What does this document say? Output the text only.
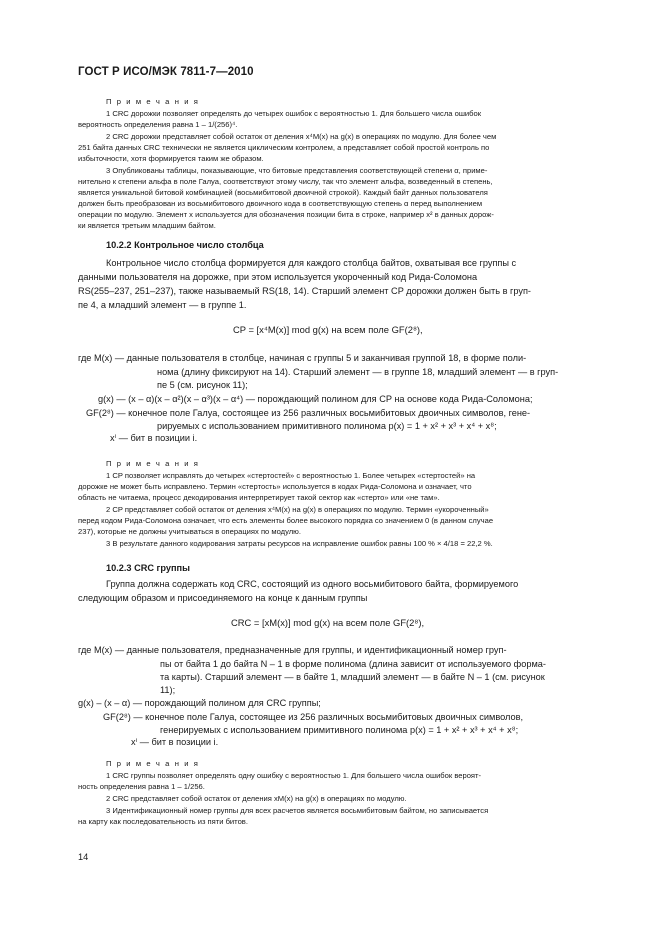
ГОСТ Р ИСО/МЭК 7811-7—2010
П р и м е ч а н и я
1 CRC дорожки позволяет определять до четырех ошибок с вероятностью 1. Для большего числа ошибок
вероятность определения равна 1 – 1/(256)⁴.
2 CRC дорожки представляет собой остаток от деления x⁴M(x) на g(x) в операциях по модулю. Для более чем
251 байта данных CRC технически не является циклическим контролем, а представляет собой простой контроль по
избыточности, хотя формируется таким же образом.
3 Опубликованы таблицы, показывающие, что битовые представления соответствующей степени α, приме-
нительно к степени альфа в поле Галуа, соответствуют этому числу, так что элемент альфа, возведенный в степень,
является уникальной битовой комбинацией (восьмибитовой двоичной строкой). Каждый байт данных пользователя
должен быть преобразован из восьмибитового двоичного кода в соответствующую степень α перед выполнением
операции по модулю. Элемент x используется для обозначения позиции бита в строке, например x² в данных дорож-
ки является третьим младшим байтом.
10.2.2 Контрольное число столбца
Контрольное число столбца формируется для каждого столбца байтов, охватывая все группы с
данными пользователя на дорожке, при этом используется укороченный код Рида-Соломона
RS(255–237, 251–237), также называемый RS(18, 14). Старший элемент CP дорожки должен быть в груп-
пе 4, а младший элемент — в группе 1.
CP = [x⁴M(x)] mod g(x) на всем поле GF(2⁸),
где M(x) — данные пользователя в столбце, начиная с группы 5 и заканчивая группой 18, в форме поли-
нома (длину фиксируют на 14). Старший элемент — в группе 18, младший элемент — в груп-
пе 5 (см. рисунок 11);
g(x) — (x – α)(x – α²)(x – α³)(x – α⁴) — порождающий полином для CP на основе кода Рида-Соломона;
GF(2⁸) — конечное поле Галуа, состоящее из 256 различных восьмибитовых двоичных символов, гене-
рируемых с использованием примитивного полинома p(x) = 1 + x² + x³ + x⁴ + x⁸;
xⁱ — бит в позиции i.
П р и м е ч а н и я
1 CP позволяет исправлять до четырех «стертостей» с вероятностью 1. Более четырех «стертостей» на
дорожке не может быть исправлено. Термин «стертость» используется в кодах Рида-Соломона и означает, что
область не читаема, процесс декодирования интерпретирует такой сектор как «стерто» или «не там».
2 CP представляет собой остаток от деления x⁴M(x) на g(x) в операциях по модулю. Термин «укороченный»
перед кодом Рида-Соломона означает, что есть элементы более высокого порядка со значением 0 (в данном случае
237), которые не должны учитываться в операциях по модулю.
3 В результате данного кодирования затраты ресурсов на исправление ошибок равны 100 % × 4/18 = 22,2 %.
10.2.3 CRC группы
Группа должна содержать код CRC, состоящий из одного восьмибитового байта, формируемого
следующим образом и присоединяемого на конце к данным группы
CRC = [xM(x)] mod g(x) на всем поле GF(2⁸),
где M(x) — данные пользователя, предназначенные для группы, и идентификационный номер груп-
пы от байта 1 до байта N – 1 в форме полинома (длина зависит от используемого форма-
та карты). Старший элемент — в байте 1, младший элемент — в байте N – 1 (см. рисунок
11);
g(x) – (x – α) — порождающий полином для CRC группы;
GF(2⁸) — конечное поле Галуа, состоящее из 256 различных восьмибитовых двоичных символов,
генерируемых с использованием примитивного полинома p(x) = 1 + x² + x³ + x⁴ + x⁸;
xⁱ — бит в позиции i.
П р и м е ч а н и я
1 CRC группы позволяет определять одну ошибку с вероятностью 1. Для большего числа ошибок вероят-
ность определения равна 1 – 1/256.
2 CRC представляет собой остаток от деления xM(x) на g(x) в операциях по модулю.
3 Идентификационный номер группы для всех расчетов является восьмибитовым байтом, но записывается
на карту как последовательность из пяти битов.
14
